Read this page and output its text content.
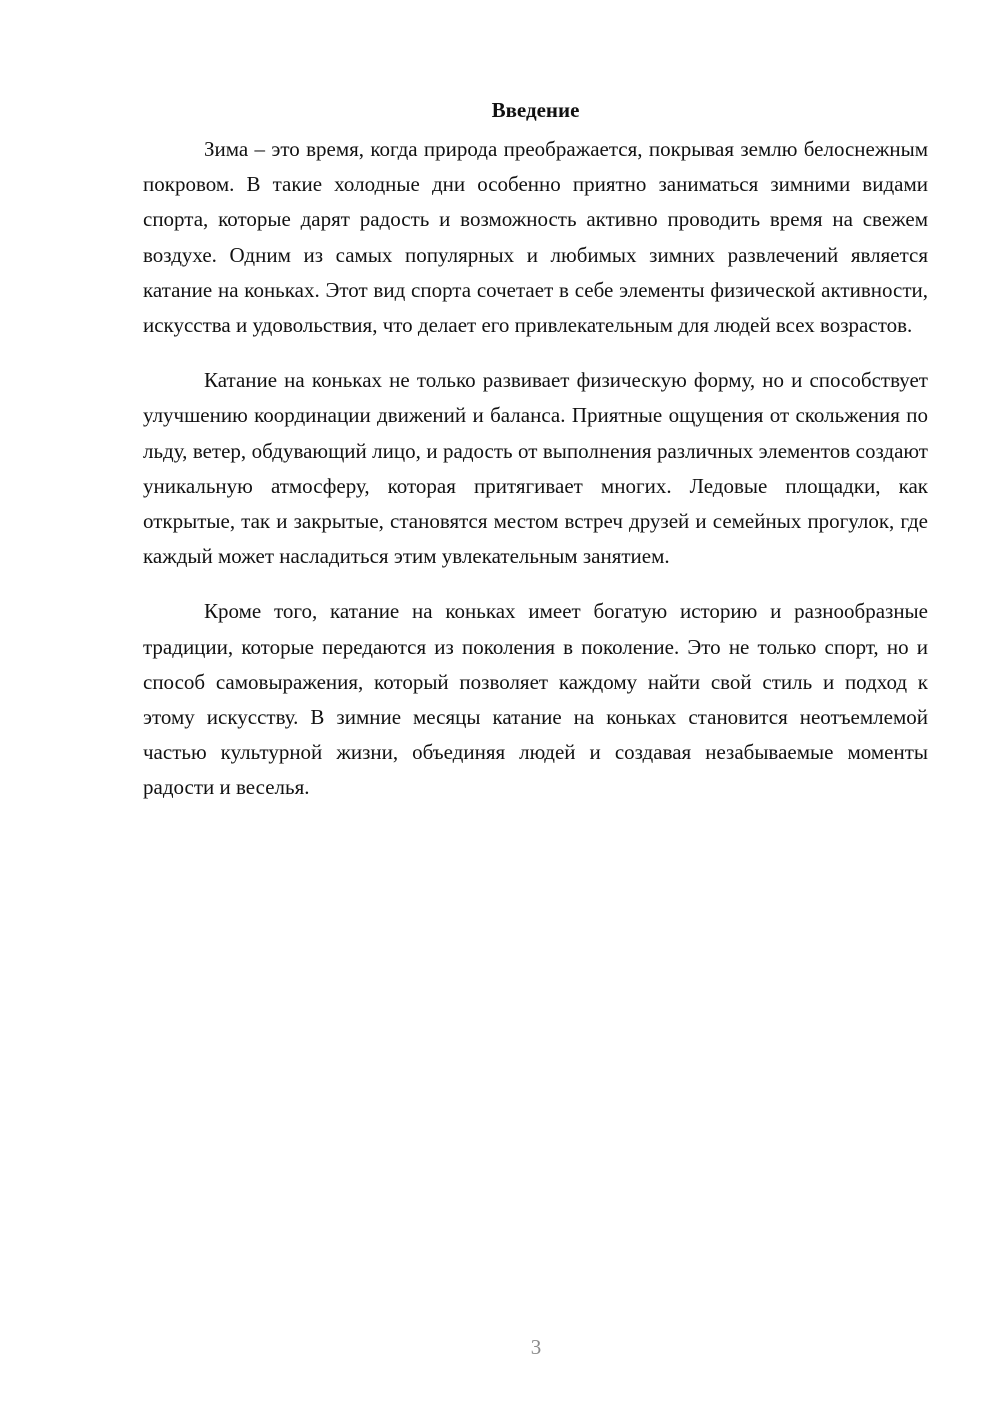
Введение

Зима – это время, когда природа преображается, покрывая землю белоснежным покровом. В такие холодные дни особенно приятно заниматься зимними видами спорта, которые дарят радость и возможность активно проводить время на свежем воздухе. Одним из самых популярных и любимых зимних развлечений является катание на коньках. Этот вид спорта сочетает в себе элементы физической активности, искусства и удовольствия, что делает его привлекательным для людей всех возрастов.

Катание на коньках не только развивает физическую форму, но и способствует улучшению координации движений и баланса. Приятные ощущения от скольжения по льду, ветер, обдувающий лицо, и радость от выполнения различных элементов создают уникальную атмосферу, которая притягивает многих. Ледовые площадки, как открытые, так и закрытые, становятся местом встреч друзей и семейных прогулок, где каждый может насладиться этим увлекательным занятием.

Кроме того, катание на коньках имеет богатую историю и разнообразные традиции, которые передаются из поколения в поколение. Это не только спорт, но и способ самовыражения, который позволяет каждому найти свой стиль и подход к этому искусству. В зимние месяцы катание на коньках становится неотъемлемой частью культурной жизни, объединяя людей и создавая незабываемые моменты радости и веселья.

3
